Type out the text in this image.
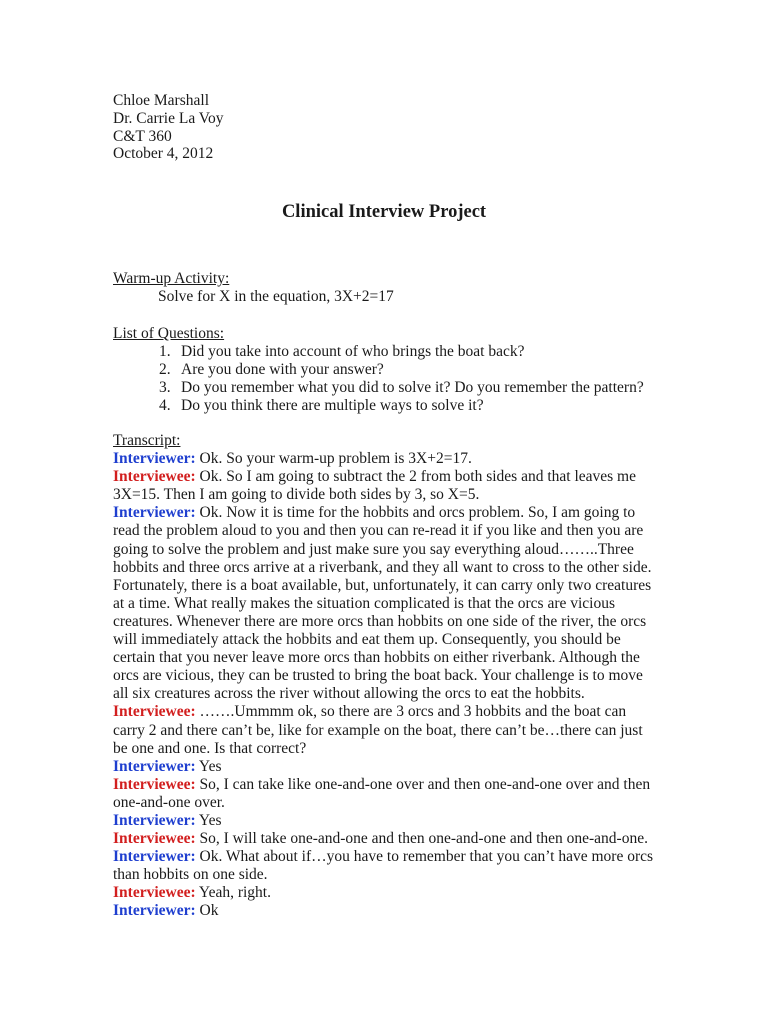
Chloe Marshall
Dr. Carrie La Voy
C&T 360
October 4, 2012
Clinical Interview Project
Warm-up Activity:
Solve for X in the equation, 3X+2=17
List of Questions:
1. Did you take into account of who brings the boat back?
2. Are you done with your answer?
3. Do you remember what you did to solve it? Do you remember the pattern?
4. Do you think there are multiple ways to solve it?
Transcript:

Interviewer: Ok. So your warm-up problem is 3X+2=17.

Interviewee: Ok. So I am going to subtract the 2 from both sides and that leaves me 3X=15. Then I am going to divide both sides by 3, so X=5.

Interviewer: Ok. Now it is time for the hobbits and orcs problem. So, I am going to read the problem aloud to you and then you can re-read it if you like and then you are going to solve the problem and just make sure you say everything aloud……..Three hobbits and three orcs arrive at a riverbank, and they all want to cross to the other side. Fortunately, there is a boat available, but, unfortunately, it can carry only two creatures at a time. What really makes the situation complicated is that the orcs are vicious creatures. Whenever there are more orcs than hobbits on one side of the river, the orcs will immediately attack the hobbits and eat them up. Consequently, you should be certain that you never leave more orcs than hobbits on either riverbank. Although the orcs are vicious, they can be trusted to bring the boat back. Your challenge is to move all six creatures across the river without allowing the orcs to eat the hobbits.

Interviewee: …….Ummmm ok, so there are 3 orcs and 3 hobbits and the boat can carry 2 and there can’t be, like for example on the boat, there can’t be…there can just be one and one. Is that correct?

Interviewer: Yes

Interviewee: So, I can take like one-and-one over and then one-and-one over and then one-and-one over.

Interviewer: Yes

Interviewee: So, I will take one-and-one and then one-and-one and then one-and-one.

Interviewer: Ok. What about if…you have to remember that you can’t have more orcs than hobbits on one side.

Interviewee: Yeah, right.

Interviewer: Ok
